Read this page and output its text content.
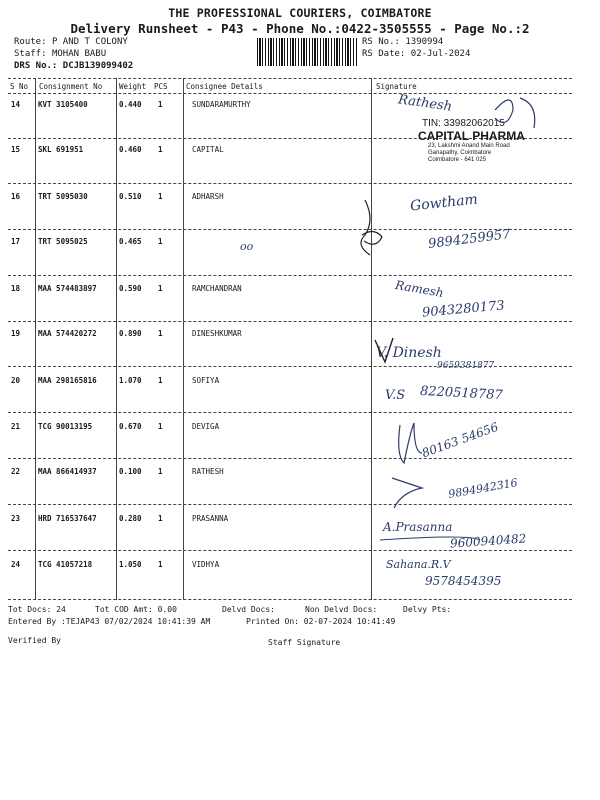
THE PROFESSIONAL COURIERS, COIMBATORE
Delivery Runsheet - P43 - Phone No.:0422-3505555 - Page No.:2
Route: P AND T COLONY
Staff: MOHAN BABU
DRS No.: DCJB139099402
RS No.: 1390994
RS Date: 02-Jul-2024
S No Consignment No Weight PCS Consignee Details	Signature
14 KVT 3105400	0.440 1	SUNDARAMURTHY
15 SKL 691951	0.460 1	CAPITAL
16 TRT 5095030	0.510 1	ADHARSH
17 TRT 5095025	0.465 1
18 MAA 574483897	0.590 1	RAMCHANDRAN
19 MAA 574420272	0.890 1	DINESHKUMAR
20 MAA 298165816	1.070 1	SOFIYA
21 TCG 90013195	0.670 1	DEVIGA
22 MAA 866414937	0.100 1	RATHESH
23 HRD 716537647	0.280 1	PRASANNA
24 TCG 41057218	1.050 1	VIDHYA
Rathesh
TIN: 33982062015
CAPITAL PHARMA
23, Lakshmi Anand Main Road
Ganapathy, Coimbatore
Coimbatore - 641 025
Gowtham
oo	9894259957
Ramesh
9043280173
V. Dinesh
9659381877
V.S 8220518787
80163 54656
9894942316
A.Prasanna
9600940482
Sahana.R.V
9578454395
Tot Docs: 24	Tot COD Amt: 0.00	Delvd Docs:	Non Delvd Docs:	Delvy Pts:
Entered By :TEJAP43 07/02/2024 10:41:39 AM	Printed On: 02-07-2024 10:41:49
Verified By	Staff Signature
